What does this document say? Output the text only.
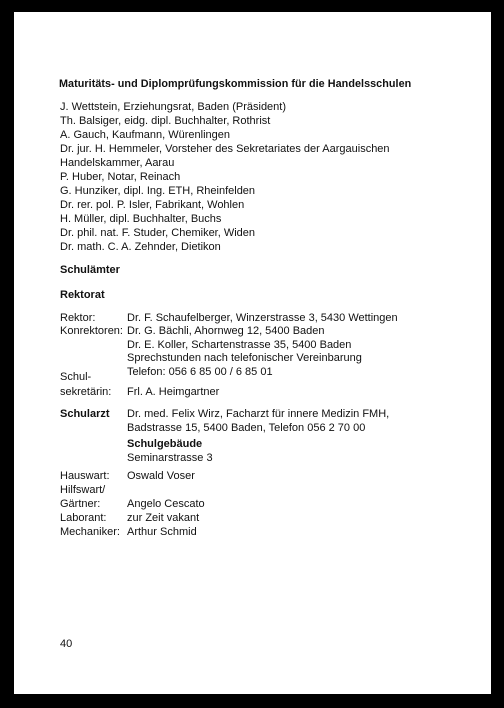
Maturitäts- und Diplomprüfungskommission für die Handelsschulen
J. Wettstein, Erziehungsrat, Baden (Präsident)
Th. Balsiger, eidg. dipl. Buchhalter, Rothrist
A. Gauch, Kaufmann, Würenlingen
Dr. jur. H. Hemmeler, Vorsteher des Sekretariates der Aargauischen
Handelskammer, Aarau
P. Huber, Notar, Reinach
G. Hunziker, dipl. Ing. ETH, Rheinfelden
Dr. rer. pol. P. Isler, Fabrikant, Wohlen
H. Müller, dipl. Buchhalter, Buchs
Dr. phil. nat. F. Studer, Chemiker, Widen
Dr. math. C. A. Zehnder, Dietikon
Schulämter
Rektorat
Rektor:	Dr. F. Schaufelberger, Winzerstrasse 3, 5430 Wettingen
Konrektoren: Dr. G. Bächli, Ahornweg 12, 5400 Baden
Dr. E. Koller, Schartenstrasse 35, 5400 Baden
Sprechstunden nach telefonischer Vereinbarung
Telefon: 056 6 85 00 / 6 85 01
Schul-
sekretärin: Frl. A. Heimgartner
Schularzt Dr. med. Felix Wirz, Facharzt für innere Medizin FMH,
Badstrasse 15, 5400 Baden, Telefon 056 2 70 00
Schulgebäude
Seminarstrasse 3
Hauswart:
Hilfswart/
Gärtner:
Laborant:
Mechaniker:
Oswald Voser
Angelo Cescato
zur Zeit vakant
Arthur Schmid
40
